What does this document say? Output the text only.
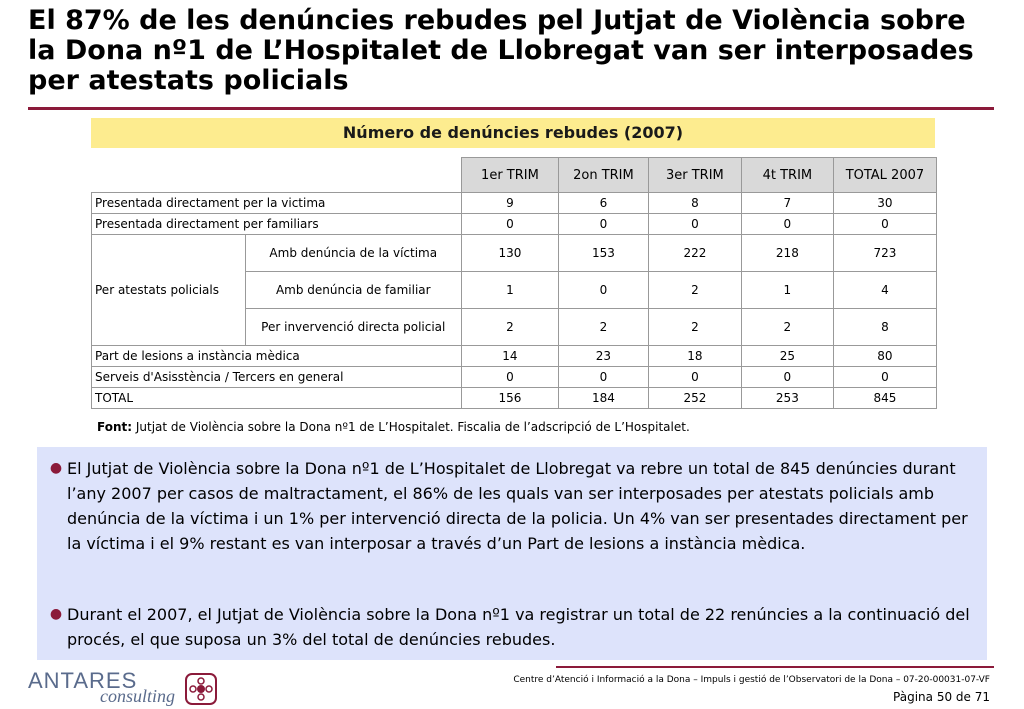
El 87% de les denúncies rebudes pel Jutjat de Violència sobre la Dona nº1 de L’Hospitalet de Llobregat van ser interposades per atestats policials
Número de denúncies rebudes (2007)
		1er TRIM	2on TRIM	3er TRIM	4t TRIM	TOTAL 2007
Presentada directament per la victima		9	6	8	7	30
Presentada directament per familiars		0	0	0	0	0
Per atestats policials	Amb denúncia de la víctima	130	153	222	218	723
	Amb denúncia de familiar	1	0	2	1	4
	Per invervenció directa policial	2	2	2	2	8
Part de lesions a instància mèdica		14	23	18	25	80
Serveis d'Asisstència / Tercers en general		0	0	0	0	0
TOTAL		156	184	252	253	845
Font: Jutjat de Violència sobre la Dona nº1 de L’Hospitalet. Fiscalia de l’adscripció de L’Hospitalet.
● El Jutjat de Violència sobre la Dona nº1 de L’Hospitalet de Llobregat va rebre un total de 845 denúncies durant l’any 2007 per casos de maltractament, el 86% de les quals van ser interposades per atestats policials amb denúncia de la víctima i un 1% per intervenció directa de la policia. Un 4% van ser presentades directament per la víctima i el 9% restant es van interposar a través d’un Part de lesions a instància mèdica.
● Durant el 2007, el Jutjat de Violència sobre la Dona nº1 va registrar un total de 22 renúncies a la continuació del procés, el que suposa un 3% del total de denúncies rebudes.
ANTARES
consulting
Centre d’Atenció i Informació a la Dona – Impuls i gestió de l’Observatori de la Dona – 07-20-00031-07-VF
Pàgina 50 de 71
